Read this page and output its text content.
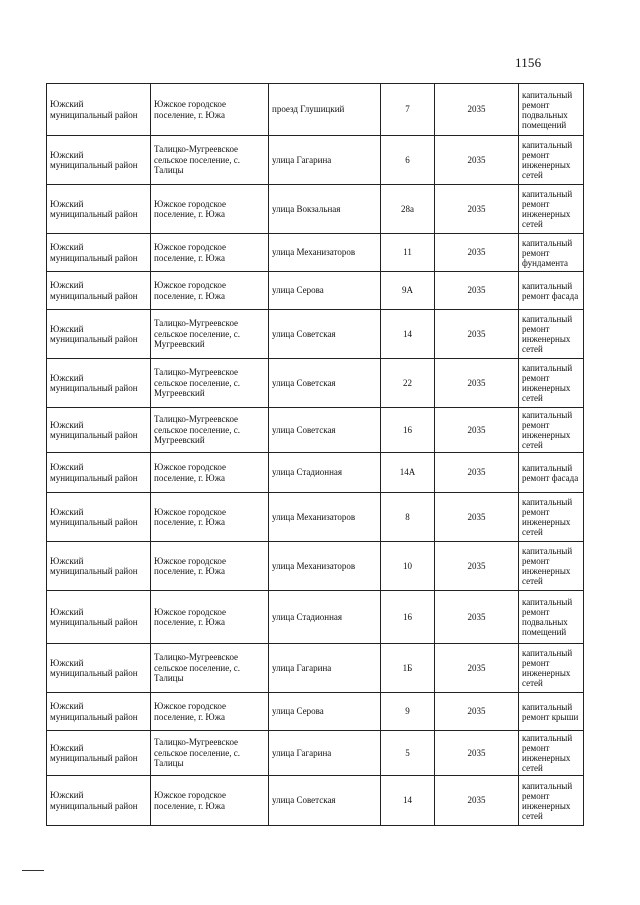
1156
Южский муниципальный район	Южское городское поселение, г. Южа	проезд Глушицкий	7	2035	капитальный ремонт подвальных помещений
Южский муниципальный район	Талицко-Мугреевское сельское поселение, с. Талицы	улица Гагарина	6	2035	капитальный ремонт инженерных сетей
Южский муниципальный район	Южское городское поселение, г. Южа	улица Вокзальная	28а	2035	капитальный ремонт инженерных сетей
Южский муниципальный район	Южское городское поселение, г. Южа	улица Механизаторов	11	2035	капитальный ремонт фундамента
Южский муниципальный район	Южское городское поселение, г. Южа	улица Серова	9А	2035	капитальный ремонт фасада
Южский муниципальный район	Талицко-Мугреевское сельское поселение, с. Мугреевский	улица Советская	14	2035	капитальный ремонт инженерных сетей
Южский муниципальный район	Талицко-Мугреевское сельское поселение, с. Мугреевский	улица Советская	22	2035	капитальный ремонт инженерных сетей
Южский муниципальный район	Талицко-Мугреевское сельское поселение, с. Мугреевский	улица Советская	16	2035	капитальный ремонт инженерных сетей
Южский муниципальный район	Южское городское поселение, г. Южа	улица Стадионная	14А	2035	капитальный ремонт фасада
Южский муниципальный район	Южское городское поселение, г. Южа	улица Механизаторов	8	2035	капитальный ремонт инженерных сетей
Южский муниципальный район	Южское городское поселение, г. Южа	улица Механизаторов	10	2035	капитальный ремонт инженерных сетей
Южский муниципальный район	Южское городское поселение, г. Южа	улица Стадионная	16	2035	капитальный ремонт подвальных помещений
Южский муниципальный район	Талицко-Мугреевское сельское поселение, с. Талицы	улица Гагарина	1Б	2035	капитальный ремонт инженерных сетей
Южский муниципальный район	Южское городское поселение, г. Южа	улица Серова	9	2035	капитальный ремонт крыши
Южский муниципальный район	Талицко-Мугреевское сельское поселение, с. Талицы	улица Гагарина	5	2035	капитальный ремонт инженерных сетей
Южский муниципальный район	Южское городское поселение, г. Южа	улица Советская	14	2035	капитальный ремонт инженерных сетей
